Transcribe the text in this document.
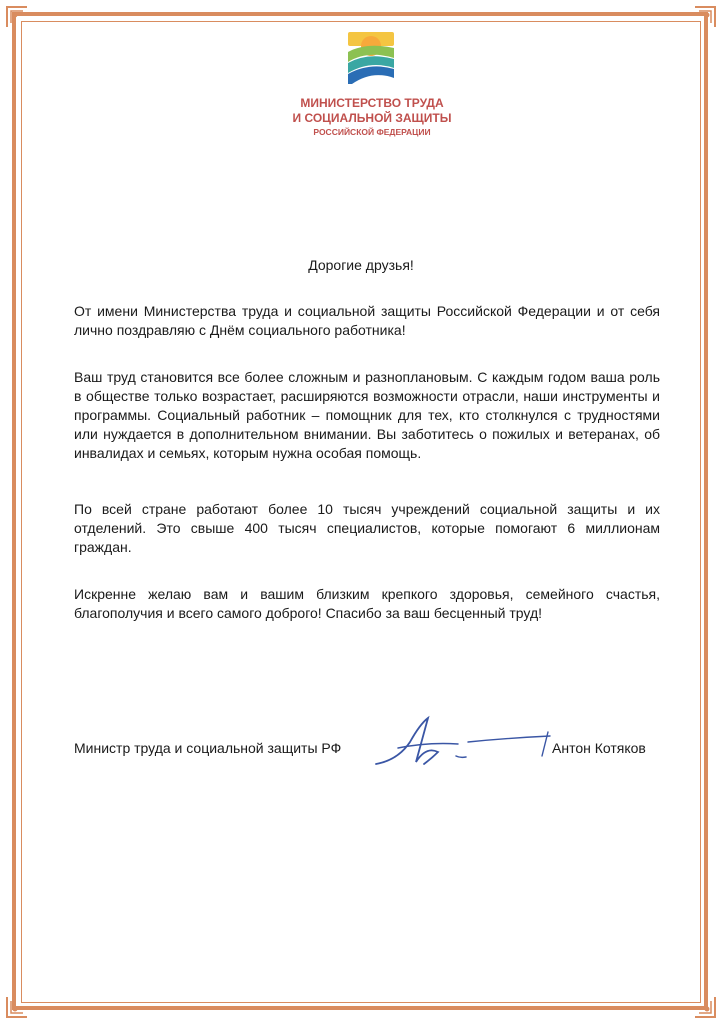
МИНИСТЕРСТВО ТРУДА
И СОЦИАЛЬНОЙ ЗАЩИТЫ
РОССИЙСКОЙ ФЕДЕРАЦИИ
Дорогие друзья!
От имени Министерства труда и социальной защиты Российской Федерации и от себя лично поздравляю с Днём социального работника!
Ваш труд становится все более сложным и разноплановым. С каждым годом ваша роль в обществе только возрастает, расширяются возможности отрасли, наши инструменты и программы. Социальный работник – помощник для тех, кто столкнулся с трудностями или нуждается в дополнительном внимании. Вы заботитесь о пожилых и ветеранах, об инвалидах и семьях, которым нужна особая помощь.
По всей стране работают более 10 тысяч учреждений социальной защиты и их отделений. Это свыше 400 тысяч специалистов, которые помогают 6 миллионам граждан.
Искренне желаю вам и вашим близким крепкого здоровья, семейного счастья, благополучия и всего самого доброго! Спасибо за ваш бесценный труд!
Министр труда и социальной защиты РФ	Антон Котяков
